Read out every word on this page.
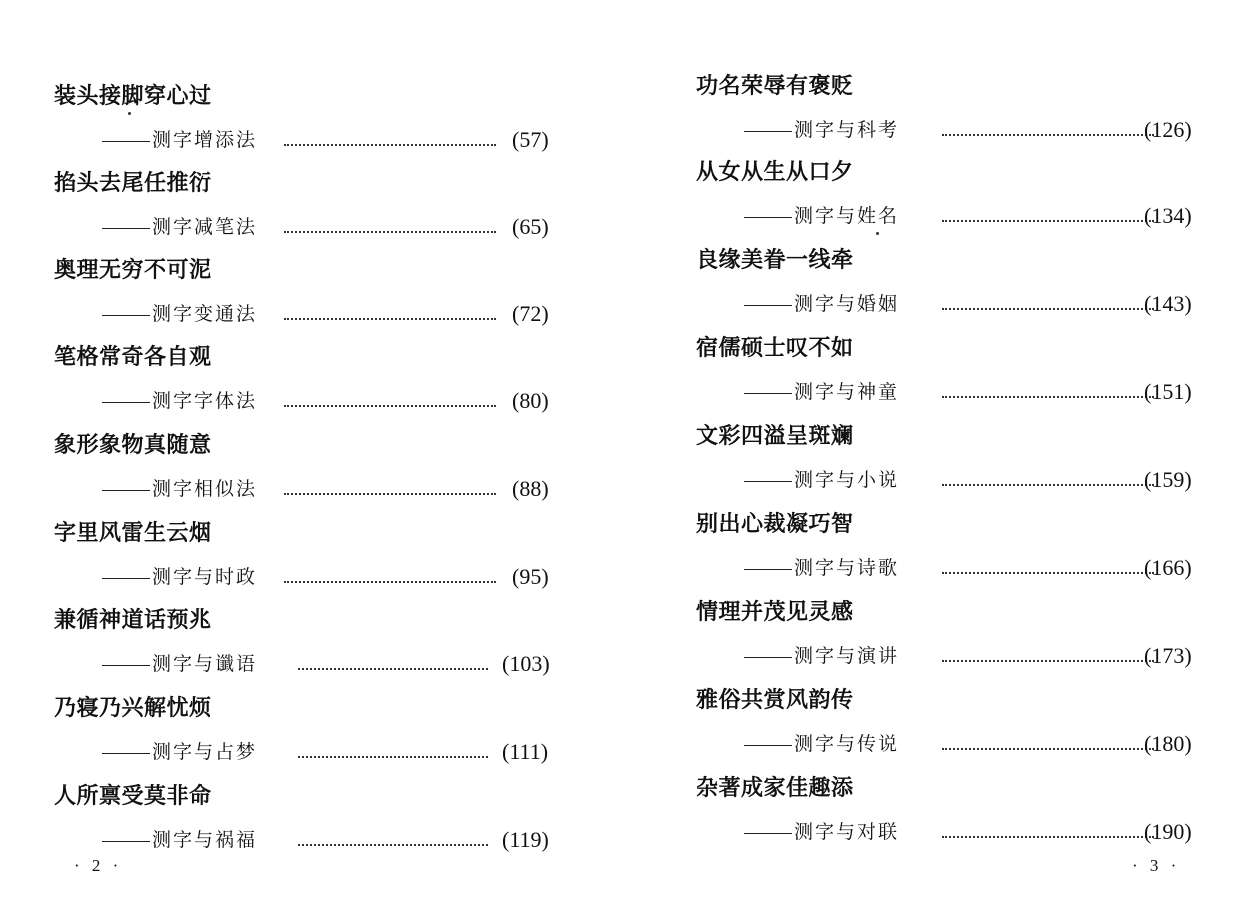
装头接脚穿心过
测字增添法	(57)
掐头去尾任推衍
测字减笔法	(65)
奥理无穷不可泥
测字变通法	(72)
笔格常奇各自观
测字字体法	(80)
象形象物真随意
测字相似法	(88)
字里风雷生云烟
测字与时政	(95)
兼循神道话预兆
测字与谶语	(103)
乃寝乃兴解忧烦
测字与占梦	(111)
人所禀受莫非命
测字与祸福	(119)
· 2 ·
功名荣辱有褒贬
测字与科考	(126)
从女从生从口夕
测字与姓名	(134)
良缘美眷一线牵
测字与婚姻	(143)
宿儒硕士叹不如
测字与神童	(151)
文彩四溢呈斑斓
测字与小说	(159)
别出心裁凝巧智
测字与诗歌	(166)
情理并茂见灵感
测字与演讲	(173)
雅俗共赏风韵传
测字与传说	(180)
杂著成家佳趣添
测字与对联	(190)
· 3 ·
